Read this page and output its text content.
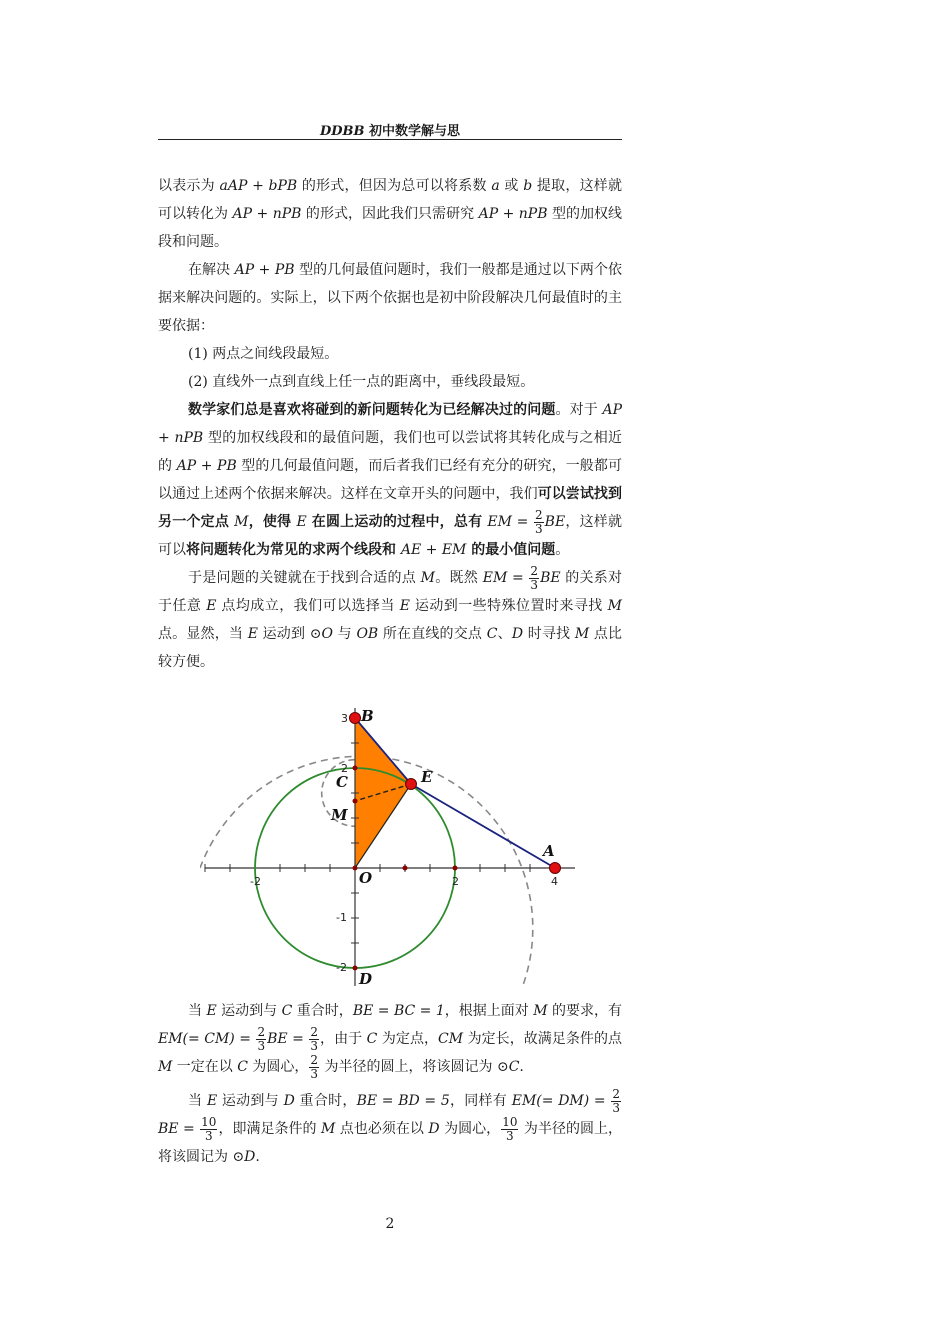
DDBB 初中数学解与思

以表示为 aAP + bPB 的形式，但因为总可以将系数 a 或 b 提取，这样就可以转化为 AP + nPB 的形式，因此我们只需研究 AP + nPB 型的加权线段和问题。

在解决 AP + PB 型的几何最值问题时，我们一般都是通过以下两个依据来解决问题的。实际上，以下两个依据也是初中阶段解决几何最值时的主要依据：

(1) 两点之间线段最短。

(2) 直线外一点到直线上任一点的距离中，垂线段最短。

数学家们总是喜欢将碰到的新问题转化为已经解决过的问题。对于 AP + nPB 型的加权线段和的最值问题，我们也可以尝试将其转化成与之相近的 AP + PB 型的几何最值问题，而后者我们已经有充分的研究，一般都可以通过上述两个依据来解决。这样在文章开头的问题中，我们可以尝试找到另一个定点 M，使得 E 在圆上运动的过程中，总有 EM = $\frac{2}{3}$ BE，这样就可以将问题转化为常见的求两个线段和 AE + EM 的最小值问题。

于是问题的关键就在于找到合适的点 M。既然 EM = $\frac{2}{3}$ BE 的关系对于任意 E 点均成立，我们可以选择当 E 运动到一些特殊位置时来寻找 M 点。显然，当 E 运动到 ⊙O 与 OB 所在直线的交点 C、D 时寻找 M 点比较方便。

3
2
2	4
-2
-1
-2
B
C	E
M
A
O
D

当 E 运动到与 C 重合时，BE = BC = 1，根据上面对 M 的要求，有 $EM(= CM) = \frac{2}{3}$ BE = $\frac{2}{3}$ ，由于 C 为定点，CM 为定长，故满足条件的点 M 一定在以 C 为圆心， $\frac{2}{3}$ 为半径的圆上，将该圆记为 ⊙C.

当 E 运动到与 D 重合时，BE = BD = 5，同样有 $EM(= DM) = \frac{2}{3}$
BE = $\frac{10}{3}$ ，即满足条件的 M 点也必须在以 D 为圆心， $\frac{10}{3}$ 为半径的圆上，将该圆记为 ⊙D.

2
